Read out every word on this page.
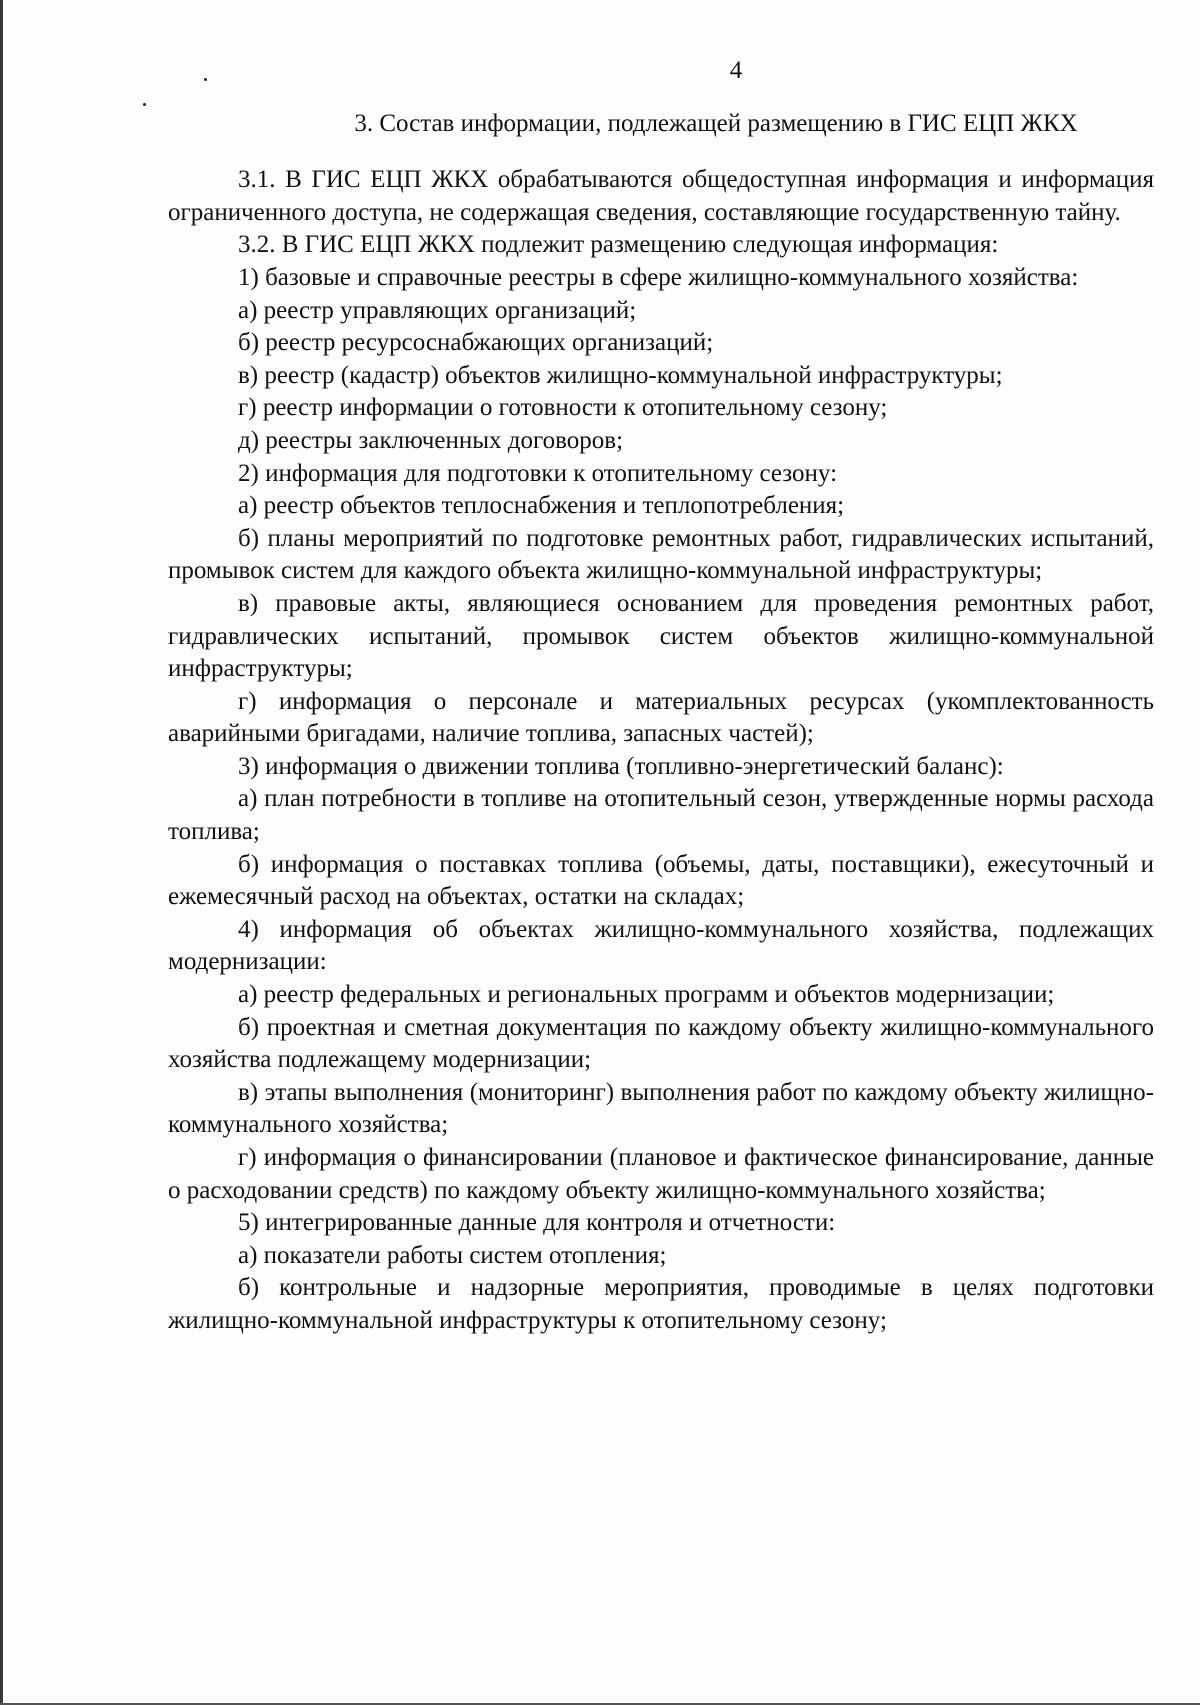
4
3. Состав информации, подлежащей размещению в ГИС ЕЦП ЖКХ

3.1. В ГИС ЕЦП ЖКХ обрабатываются общедоступная информация и информация ограниченного доступа, не содержащая сведения, составляющие государственную тайну.

3.2. В ГИС ЕЦП ЖКХ подлежит размещению следующая информация:

1) базовые и справочные реестры в сфере жилищно-коммунального хозяйства:

а) реестр управляющих организаций;

б) реестр ресурсоснабжающих организаций;

в) реестр (кадастр) объектов жилищно-коммунальной инфраструктуры;

г) реестр информации о готовности к отопительному сезону;

д) реестры заключенных договоров;

2) информация для подготовки к отопительному сезону:

а) реестр объектов теплоснабжения и теплопотребления;

б) планы мероприятий по подготовке ремонтных работ, гидравлических испытаний, промывок систем для каждого объекта жилищно-коммунальной инфраструктуры;

в) правовые акты, являющиеся основанием для проведения ремонтных работ, гидравлических испытаний, промывок систем объектов жилищно-коммунальной инфраструктуры;

г) информация о персонале и материальных ресурсах (укомплектованность аварийными бригадами, наличие топлива, запасных частей);

3) информация о движении топлива (топливно-энергетический баланс):

а) план потребности в топливе на отопительный сезон, утвержденные нормы расхода топлива;

б) информация о поставках топлива (объемы, даты, поставщики), ежесуточный и ежемесячный расход на объектах, остатки на складах;

4) информация об объектах жилищно-коммунального хозяйства, подлежащих модернизации:

а) реестр федеральных и региональных программ и объектов модернизации;

б) проектная и сметная документация по каждому объекту жилищно-коммунального хозяйства подлежащему модернизации;

в) этапы выполнения (мониторинг) выполнения работ по каждому объекту жилищно-коммунального хозяйства;

г) информация о финансировании (плановое и фактическое финансирование, данные о расходовании средств) по каждому объекту жилищно-коммунального хозяйства;

5) интегрированные данные для контроля и отчетности:

а) показатели работы систем отопления;

б) контрольные и надзорные мероприятия, проводимые в целях подготовки жилищно-коммунальной инфраструктуры к отопительному сезону;
